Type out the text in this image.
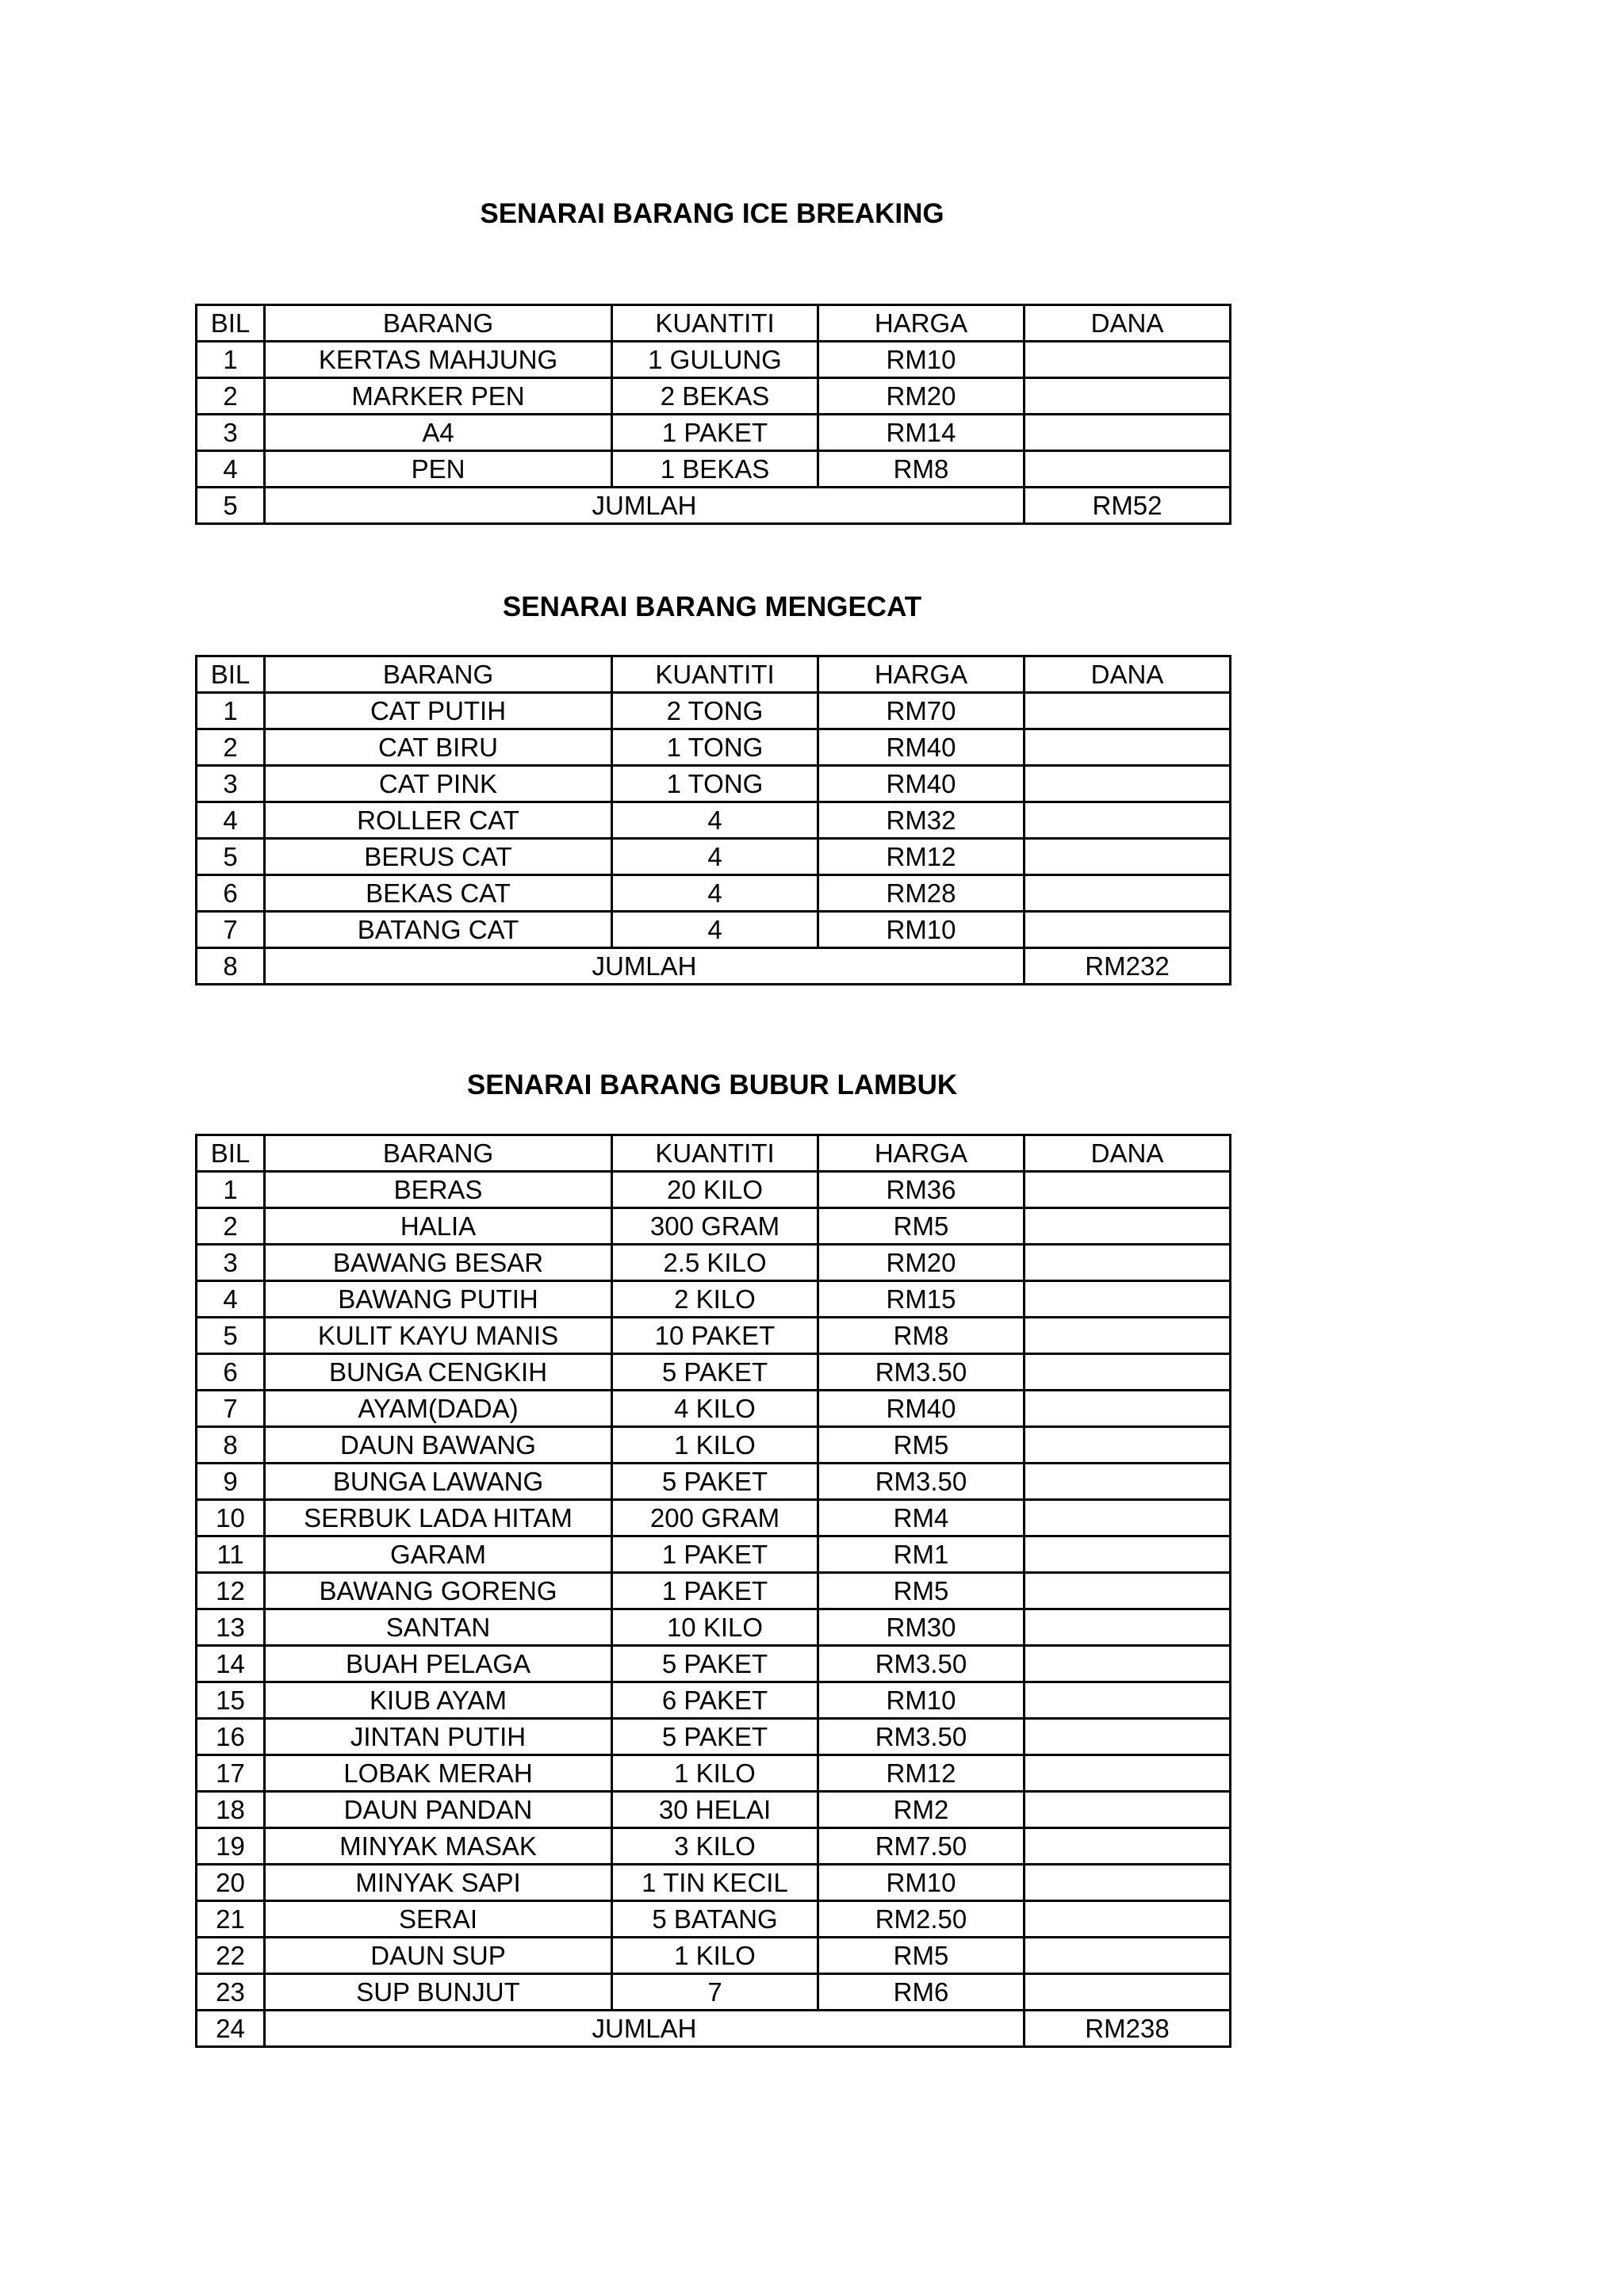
SENARAI BARANG ICE BREAKING
BIL	BARANG	KUANTITI	HARGA	DANA
1	KERTAS MAHJUNG	1 GULUNG	RM10	
2	MARKER PEN	2 BEKAS	RM20	
3	A4	1 PAKET	RM14	
4	PEN	1 BEKAS	RM8	
5	JUMLAH			RM52
SENARAI BARANG MENGECAT
BIL	BARANG	KUANTITI	HARGA	DANA
1	CAT PUTIH	2 TONG	RM70	
2	CAT BIRU	1 TONG	RM40	
3	CAT PINK	1 TONG	RM40	
4	ROLLER CAT	4	RM32	
5	BERUS CAT	4	RM12	
6	BEKAS CAT	4	RM28	
7	BATANG CAT	4	RM10	
8	JUMLAH			RM232
SENARAI BARANG BUBUR LAMBUK
BIL	BARANG	KUANTITI	HARGA	DANA
1	BERAS	20 KILO	RM36	
2	HALIA	300 GRAM	RM5	
3	BAWANG BESAR	2.5 KILO	RM20	
4	BAWANG PUTIH	2 KILO	RM15	
5	KULIT KAYU MANIS	10 PAKET	RM8	
6	BUNGA CENGKIH	5 PAKET	RM3.50	
7	AYAM(DADA)	4 KILO	RM40	
8	DAUN BAWANG	1 KILO	RM5	
9	BUNGA LAWANG	5 PAKET	RM3.50	
10	SERBUK LADA HITAM	200 GRAM	RM4	
11	GARAM	1 PAKET	RM1	
12	BAWANG GORENG	1 PAKET	RM5	
13	SANTAN	10 KILO	RM30	
14	BUAH PELAGA	5 PAKET	RM3.50	
15	KIUB AYAM	6 PAKET	RM10	
16	JINTAN PUTIH	5 PAKET	RM3.50	
17	LOBAK MERAH	1 KILO	RM12	
18	DAUN PANDAN	30 HELAI	RM2	
19	MINYAK MASAK	3 KILO	RM7.50	
20	MINYAK SAPI	1 TIN KECIL	RM10	
21	SERAI	5 BATANG	RM2.50	
22	DAUN SUP	1 KILO	RM5	
23	SUP BUNJUT	7	RM6	
24	JUMLAH			RM238
